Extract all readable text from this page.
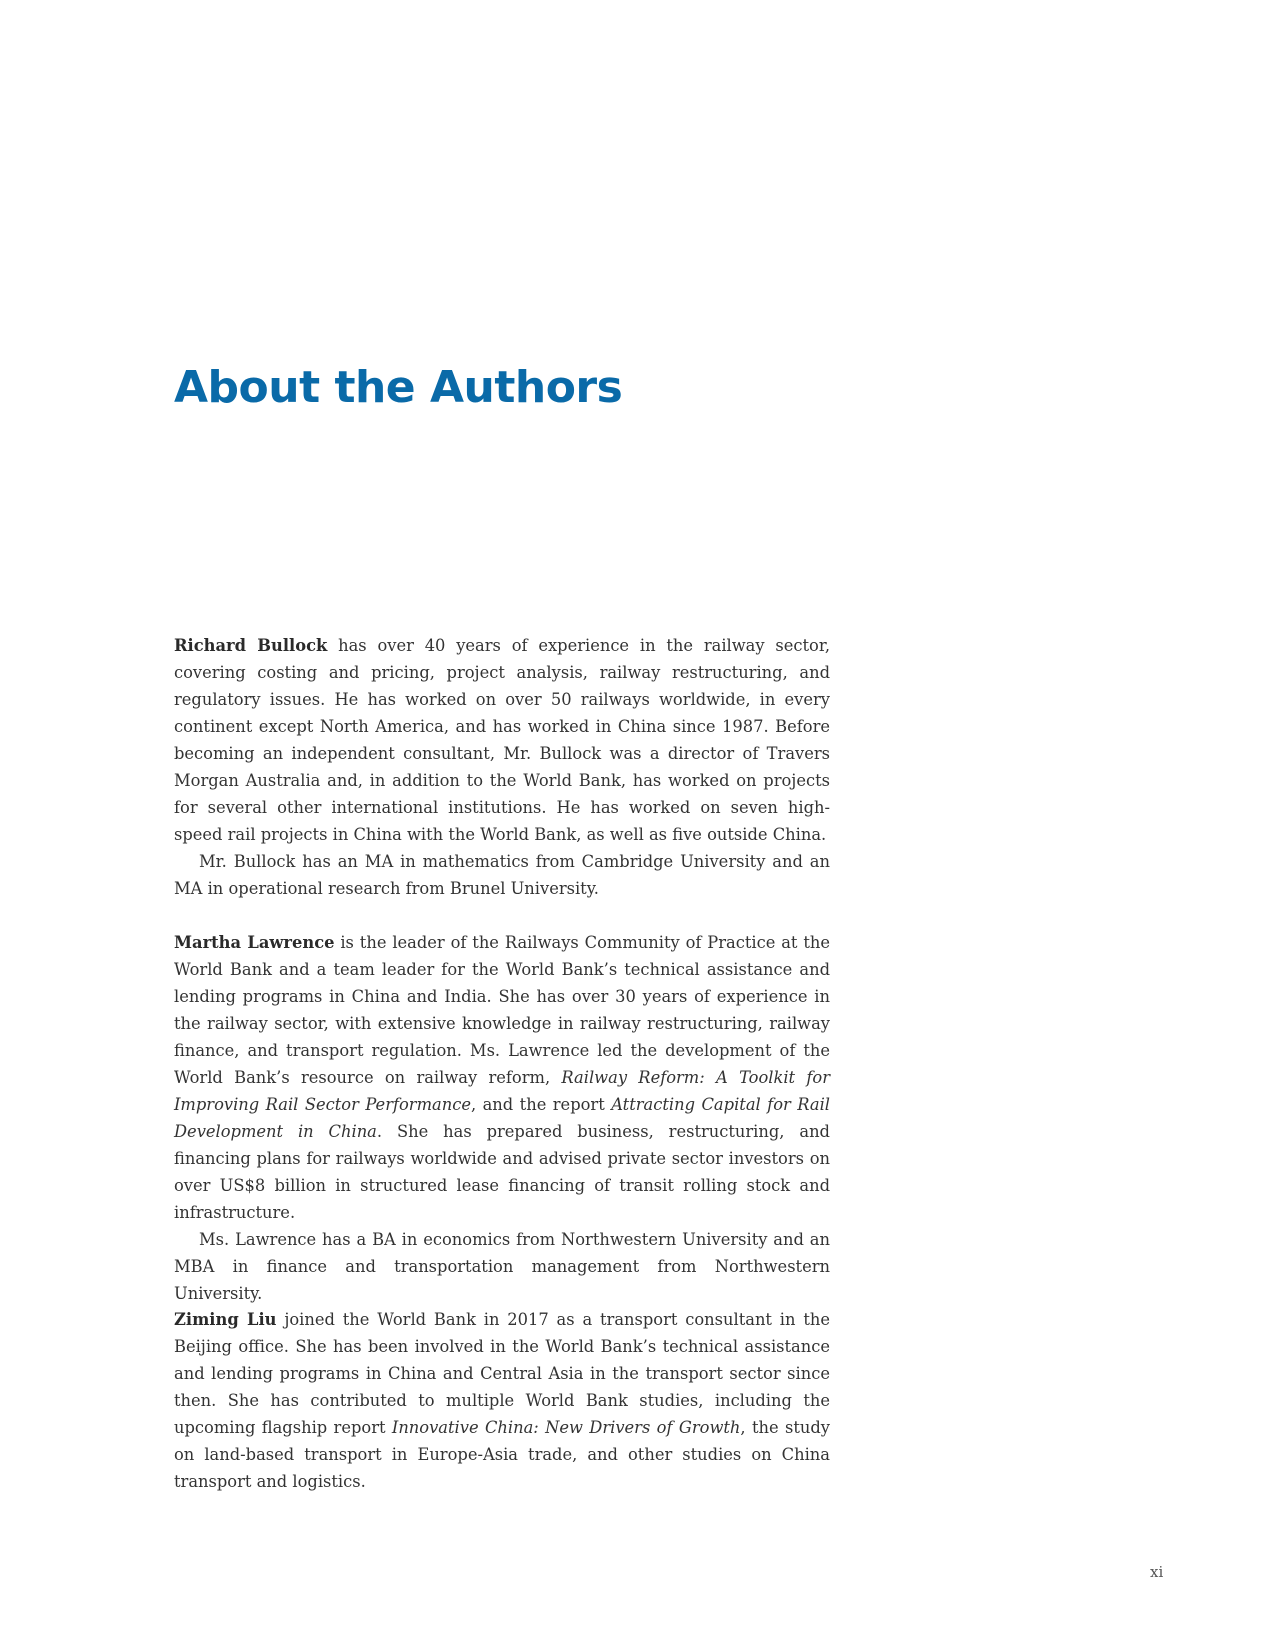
About the Authors

Richard Bullock has over 40 years of experience in the railway sector, covering costing and pricing, project analysis, railway restructuring, and regulatory issues. He has worked on over 50 railways worldwide, in every continent except North America, and has worked in China since 1987. Before becoming an independent consultant, Mr. Bullock was a director of Travers Morgan Australia and, in addition to the World Bank, has worked on projects for several other international institutions. He has worked on seven high-speed rail projects in China with the World Bank, as well as five outside China.

Mr. Bullock has an MA in mathematics from Cambridge University and an MA in operational research from Brunel University.

Martha Lawrence is the leader of the Railways Community of Practice at the World Bank and a team leader for the World Bank’s technical assistance and lending programs in China and India. She has over 30 years of experience in the railway sector, with extensive knowledge in railway restructuring, railway finance, and transport regulation. Ms. Lawrence led the development of the World Bank’s resource on railway reform, Railway Reform: A Toolkit for Improving Rail Sector Performance, and the report Attracting Capital for Rail Development in China. She has prepared business, restructuring, and financing plans for railways worldwide and advised private sector investors on over US$8 billion in structured lease financing of transit rolling stock and infrastructure.

Ms. Lawrence has a BA in economics from Northwestern University and an MBA in finance and transportation management from Northwestern University.

Ziming Liu joined the World Bank in 2017 as a transport consultant in the Beijing office. She has been involved in the World Bank’s technical assistance and lending programs in China and Central Asia in the transport sector since then. She has contributed to multiple World Bank studies, including the upcoming flagship report Innovative China: New Drivers of Growth, the study on land-based transport in Europe-Asia trade, and other studies on China transport and logistics.

xi
